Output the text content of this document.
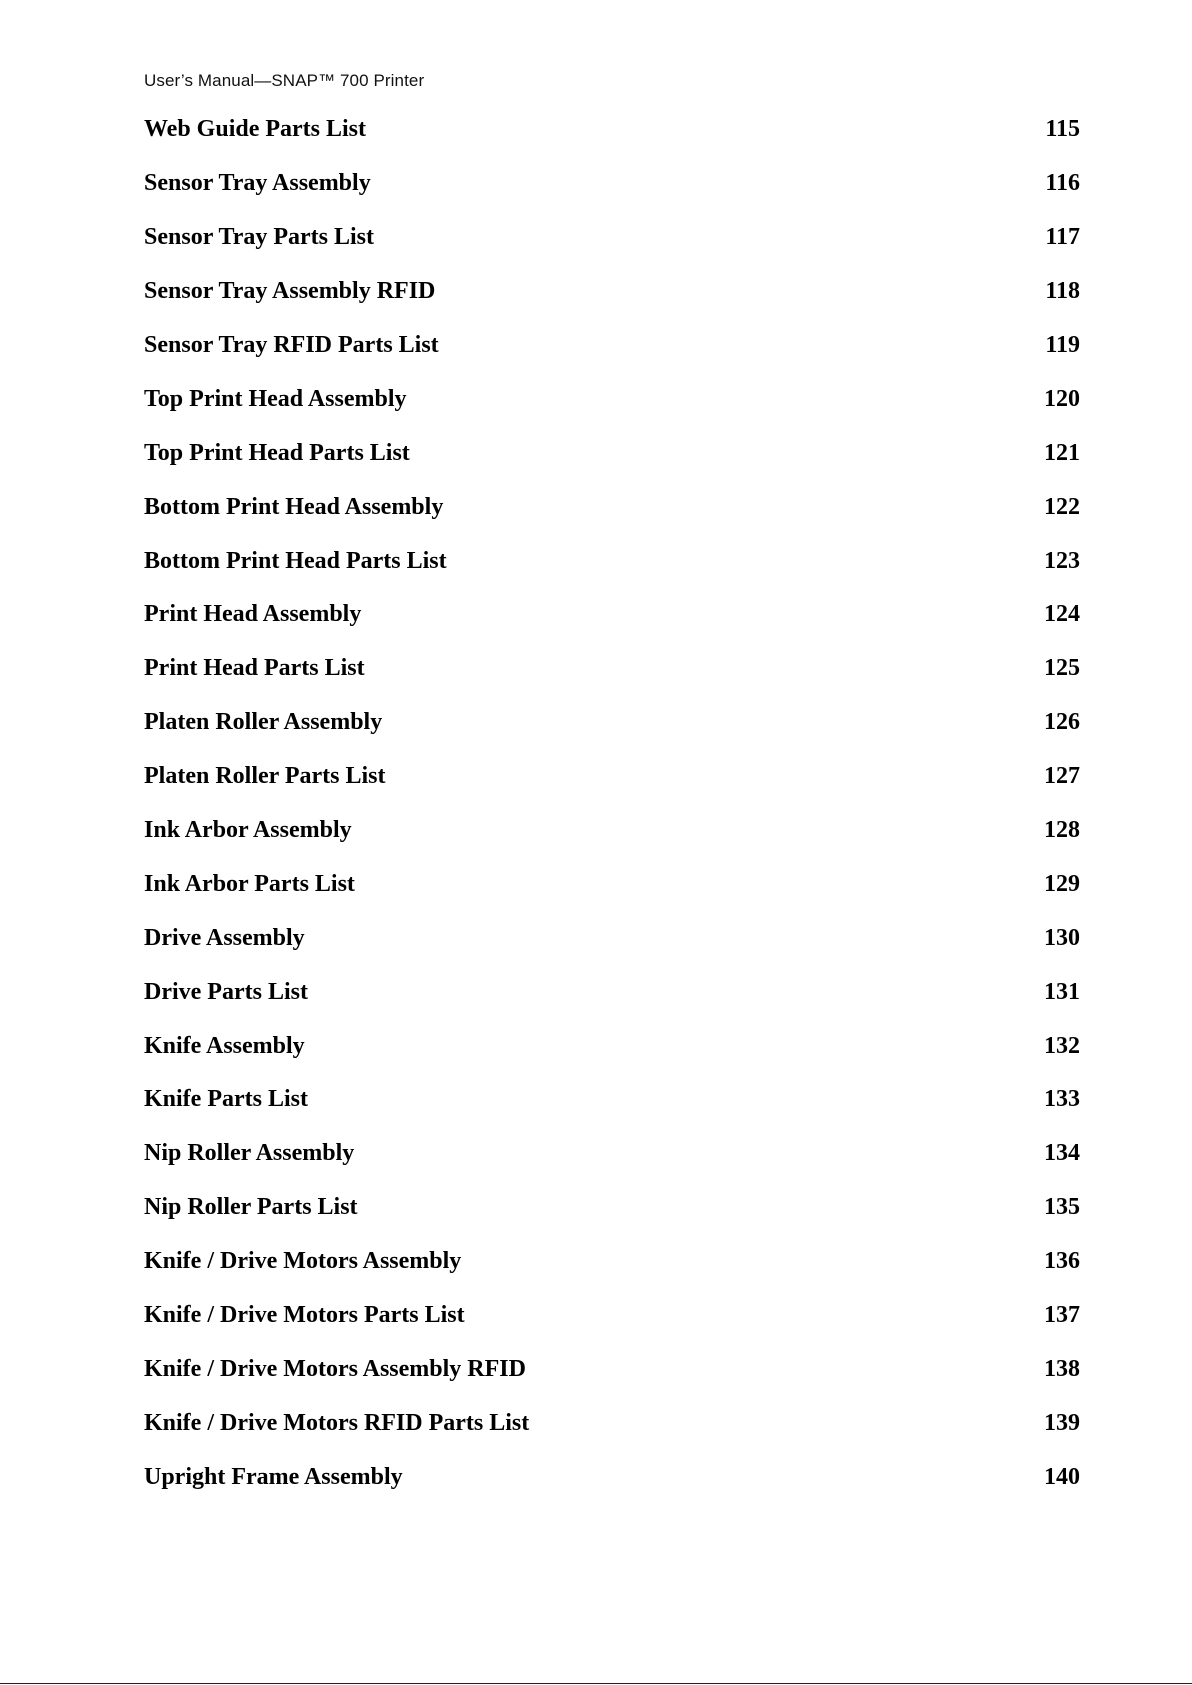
User’s Manual—SNAP™ 700 Printer
Web Guide Parts List	115
Sensor Tray Assembly	116
Sensor Tray Parts List	117
Sensor Tray Assembly RFID	118
Sensor Tray RFID Parts List	119
Top Print Head Assembly	120
Top Print Head Parts List	121
Bottom Print Head Assembly	122
Bottom Print Head Parts List	123
Print Head Assembly	124
Print Head Parts List	125
Platen Roller Assembly	126
Platen Roller Parts List	127
Ink Arbor Assembly	128
Ink Arbor Parts List	129
Drive Assembly	130
Drive Parts List	131
Knife Assembly	132
Knife Parts List	133
Nip Roller Assembly	134
Nip Roller Parts List	135
Knife / Drive Motors Assembly	136
Knife / Drive Motors Parts List	137
Knife / Drive Motors Assembly RFID	138
Knife / Drive Motors RFID Parts List	139
Upright Frame Assembly	140
